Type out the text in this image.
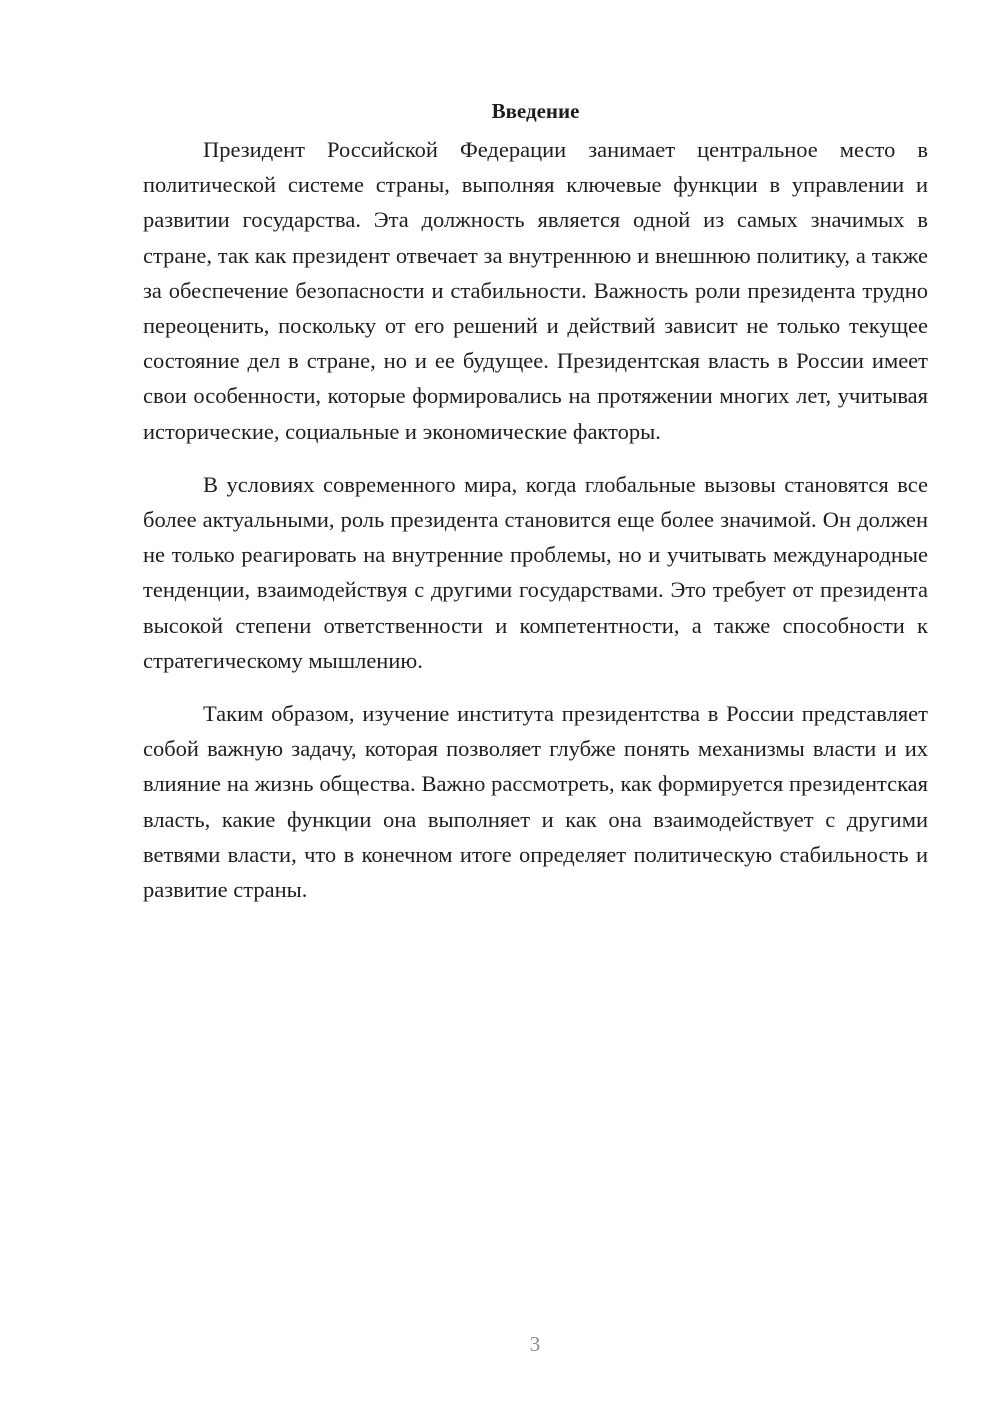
Введение

Президент Российской Федерации занимает центральное место в политической системе страны, выполняя ключевые функции в управлении и развитии государства. Эта должность является одной из самых значимых в стране, так как президент отвечает за внутреннюю и внешнюю политику, а также за обеспечение безопасности и стабильности. Важность роли президента трудно переоценить, поскольку от его решений и действий зависит не только текущее состояние дел в стране, но и ее будущее. Президентская власть в России имеет свои особенности, которые формировались на протяжении многих лет, учитывая исторические, социальные и экономические факторы.

В условиях современного мира, когда глобальные вызовы становятся все более актуальными, роль президента становится еще более значимой. Он должен не только реагировать на внутренние проблемы, но и учитывать международные тенденции, взаимодействуя с другими государствами. Это требует от президента высокой степени ответственности и компетентности, а также способности к стратегическому мышлению.

Таким образом, изучение института президентства в России представляет собой важную задачу, которая позволяет глубже понять механизмы власти и их влияние на жизнь общества. Важно рассмотреть, как формируется президентская власть, какие функции она выполняет и как она взаимодействует с другими ветвями власти, что в конечном итоге определяет политическую стабильность и развитие страны.

3
